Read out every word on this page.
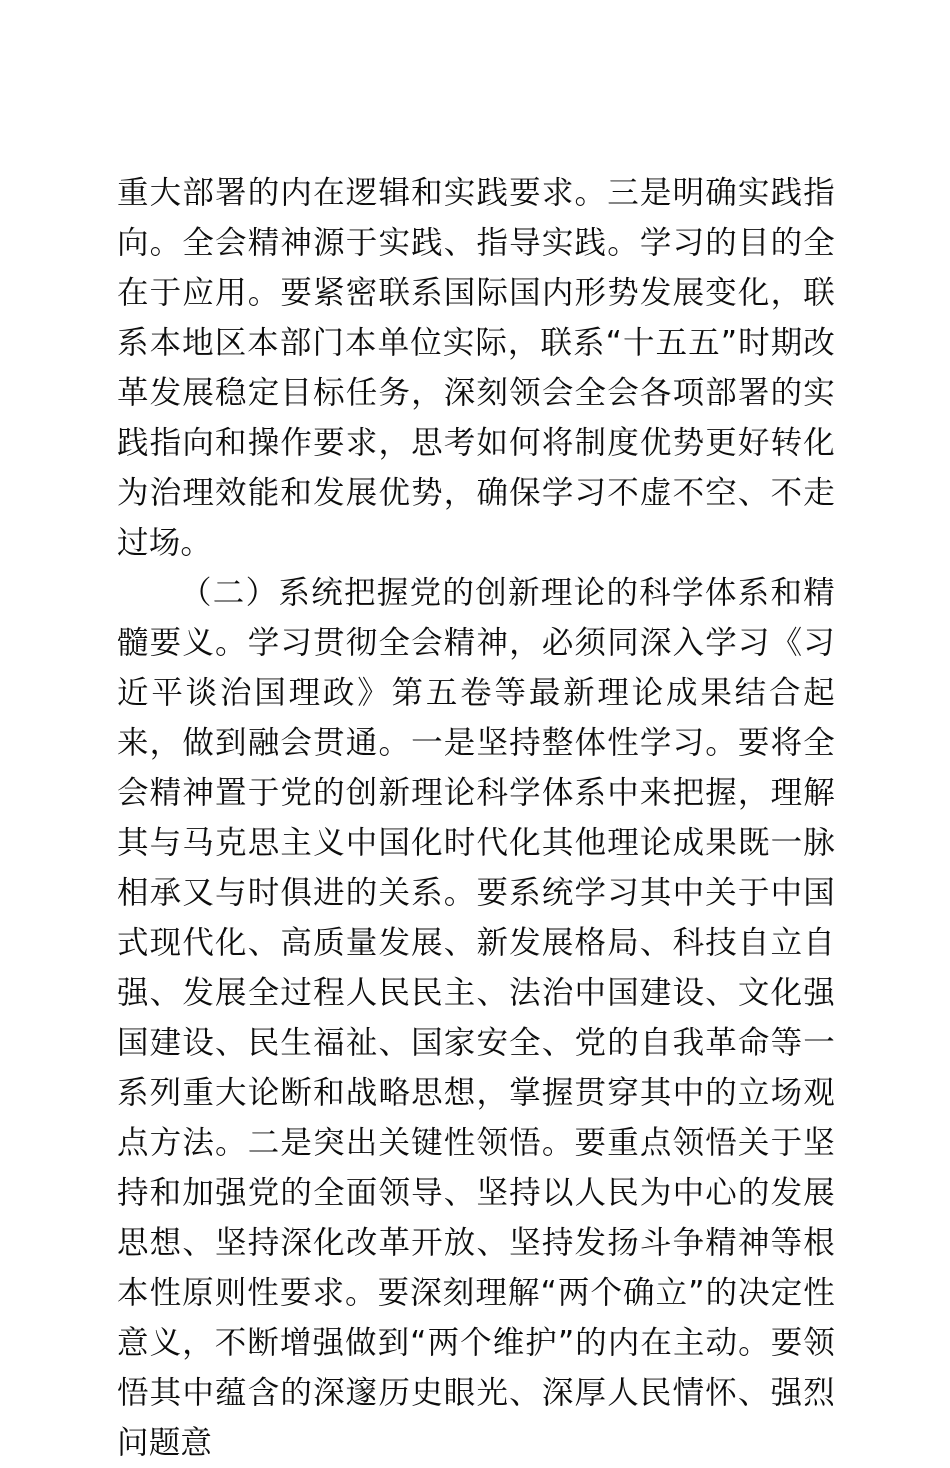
重大部署的内在逻辑和实践要求。三是明确实践指向。全会精神源于实践、指导实践。学习的目的全在于应用。要紧密联系国际国内形势发展变化，联系本地区本部门本单位实际，联系“十五五”时期改革发展稳定目标任务，深刻领会全会各项部署的实践指向和操作要求，思考如何将制度优势更好转化为治理效能和发展优势，确保学习不虚不空、不走过场。

（二）系统把握党的创新理论的科学体系和精髓要义。学习贯彻全会精神，必须同深入学习《习近平谈治国理政》第五卷等最新理论成果结合起来，做到融会贯通。一是坚持整体性学习。要将全会精神置于党的创新理论科学体系中来把握，理解其与马克思主义中国化时代化其他理论成果既一脉相承又与时俱进的关系。要系统学习其中关于中国式现代化、高质量发展、新发展格局、科技自立自强、发展全过程人民民主、法治中国建设、文化强国建设、民生福祉、国家安全、党的自我革命等一系列重大论断和战略思想，掌握贯穿其中的立场观点方法。二是突出关键性领悟。要重点领悟关于坚持和加强党的全面领导、坚持以人民为中心的发展思想、坚持深化改革开放、坚持发扬斗争精神等根本性原则性要求。要深刻理解“两个确立”的决定性意义，不断增强做到“两个维护”的内在主动。要领悟其中蕴含的深邃历史眼光、深厚人民情怀、强烈问题意
